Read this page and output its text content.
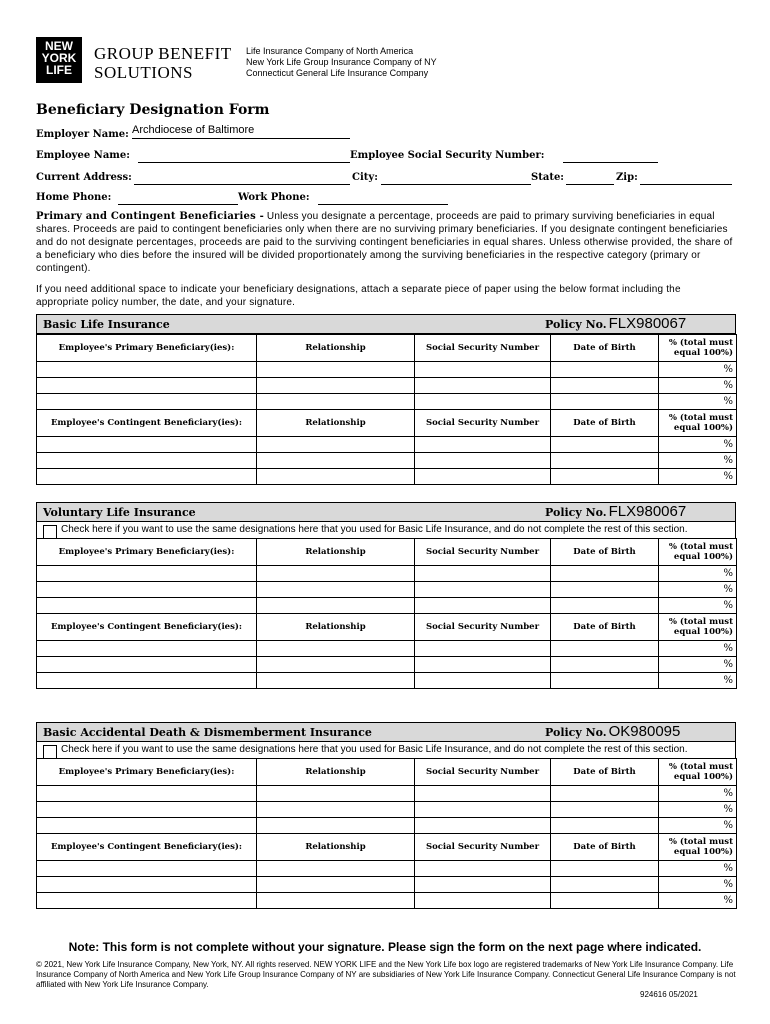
NEW
YORK
LIFE
GROUP BENEFIT
SOLUTIONS
Life Insurance Company of North America
New York Life Group Insurance Company of NY
Connecticut General Life Insurance Company
Beneficiary Designation Form
Employer Name: Archdiocese of Baltimore
Employee Name:	Employee Social Security Number:
Current Address:	City:	State:	Zip:
Home Phone:	Work Phone:
Primary and Contingent Beneficiaries - Unless you designate a percentage, proceeds are paid to primary surviving beneficiaries in equal shares. Proceeds are paid to contingent beneficiaries only when there are no surviving primary beneficiaries. If you designate contingent beneficiaries and do not designate percentages, proceeds are paid to the surviving contingent beneficiaries in equal shares. Unless otherwise provided, the share of a beneficiary who dies before the insured will be divided proportionately among the surviving beneficiaries in the respective category (primary or contingent).
If you need additional space to indicate your beneficiary designations, attach a separate piece of paper using the below format including the appropriate policy number, the date, and your signature.
Basic Life Insurance	Policy No. FLX980067
Employee's Primary Beneficiary(ies):	Relationship	Social Security Number	Date of Birth	% (total must equal 100%)
				%
				%
				%
Employee's Contingent Beneficiary(ies):	Relationship	Social Security Number	Date of Birth	% (total must equal 100%)
				%
				%
				%
Voluntary Life Insurance	Policy No. FLX980067
Check here if you want to use the same designations here that you used for Basic Life Insurance, and do not complete the rest of this section.
Employee's Primary Beneficiary(ies):	Relationship	Social Security Number	Date of Birth	% (total must equal 100%)
				%
				%
				%
Employee's Contingent Beneficiary(ies):	Relationship	Social Security Number	Date of Birth	% (total must equal 100%)
				%
				%
				%
Basic Accidental Death & Dismemberment Insurance	Policy No. OK980095
Check here if you want to use the same designations here that you used for Basic Life Insurance, and do not complete the rest of this section.
Employee's Primary Beneficiary(ies):	Relationship	Social Security Number	Date of Birth	% (total must equal 100%)
				%
				%
				%
Employee's Contingent Beneficiary(ies):	Relationship	Social Security Number	Date of Birth	% (total must equal 100%)
				%
				%
				%
Note: This form is not complete without your signature. Please sign the form on the next page where indicated.
© 2021, New York Life Insurance Company, New York, NY. All rights reserved. NEW YORK LIFE and the New York Life box logo are registered trademarks of New York Life Insurance Company. Life Insurance Company of North America and New York Life Group Insurance Company of NY are subsidiaries of New York Life Insurance Company. Connecticut General Life Insurance Company is not affiliated with New York Life Insurance Company.
924616 05/2021
